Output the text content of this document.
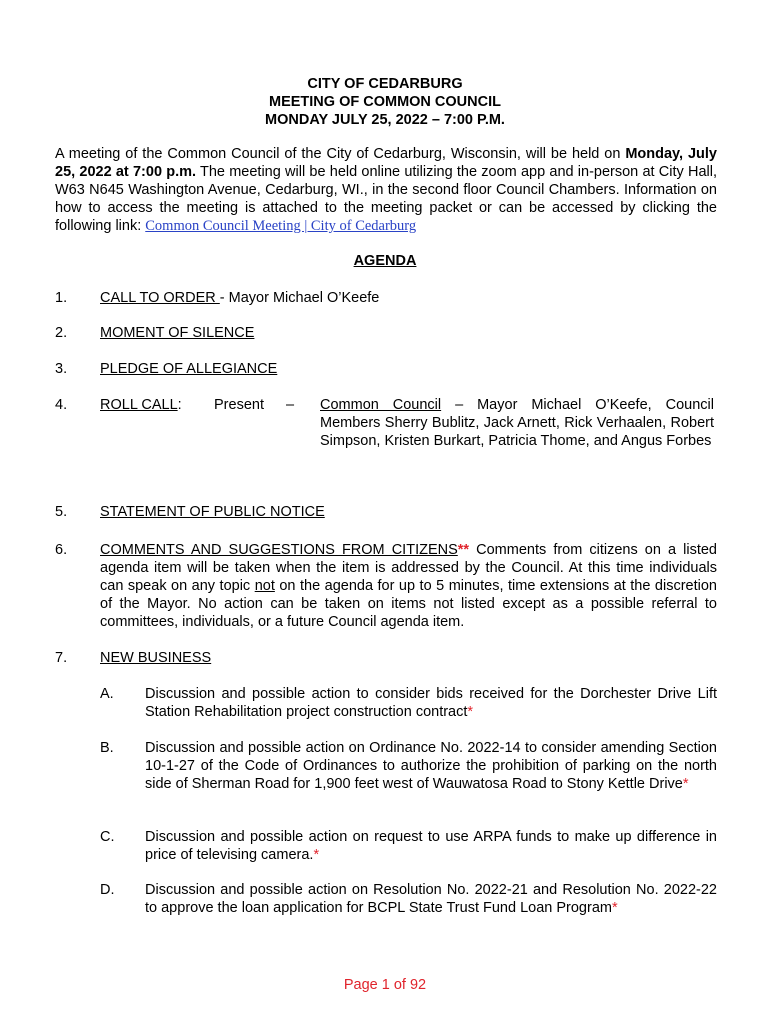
CITY OF CEDARBURG
MEETING OF COMMON COUNCIL
MONDAY JULY 25, 2022 – 7:00 P.M.
A meeting of the Common Council of the City of Cedarburg, Wisconsin, will be held on Monday, July 25, 2022 at 7:00 p.m. The meeting will be held online utilizing the zoom app and in-person at City Hall, W63 N645 Washington Avenue, Cedarburg, WI., in the second floor Council Chambers. Information on how to access the meeting is attached to the meeting packet or can be accessed by clicking the following link: Common Council Meeting | City of Cedarburg
AGENDA
1. CALL TO ORDER - Mayor Michael O’Keefe
2. MOMENT OF SILENCE
3. PLEDGE OF ALLEGIANCE
4. ROLL CALL: Present – Common Council – Mayor Michael O’Keefe, Council Members Sherry Bublitz, Jack Arnett, Rick Verhaalen, Robert Simpson, Kristen Burkart, Patricia Thome, and Angus Forbes
5. STATEMENT OF PUBLIC NOTICE
6. COMMENTS AND SUGGESTIONS FROM CITIZENS** Comments from citizens on a listed agenda item will be taken when the item is addressed by the Council. At this time individuals can speak on any topic not on the agenda for up to 5 minutes, time extensions at the discretion of the Mayor. No action can be taken on items not listed except as a possible referral to committees, individuals, or a future Council agenda item.
7. NEW BUSINESS
A. Discussion and possible action to consider bids received for the Dorchester Drive Lift Station Rehabilitation project construction contract*
B. Discussion and possible action on Ordinance No. 2022-14 to consider amending Section 10-1-27 of the Code of Ordinances to authorize the prohibition of parking on the north side of Sherman Road for 1,900 feet west of Wauwatosa Road to Stony Kettle Drive*
C. Discussion and possible action on request to use ARPA funds to make up difference in price of televising camera.*
D. Discussion and possible action on Resolution No. 2022-21 and Resolution No. 2022-22 to approve the loan application for BCPL State Trust Fund Loan Program*
Page 1 of 92
